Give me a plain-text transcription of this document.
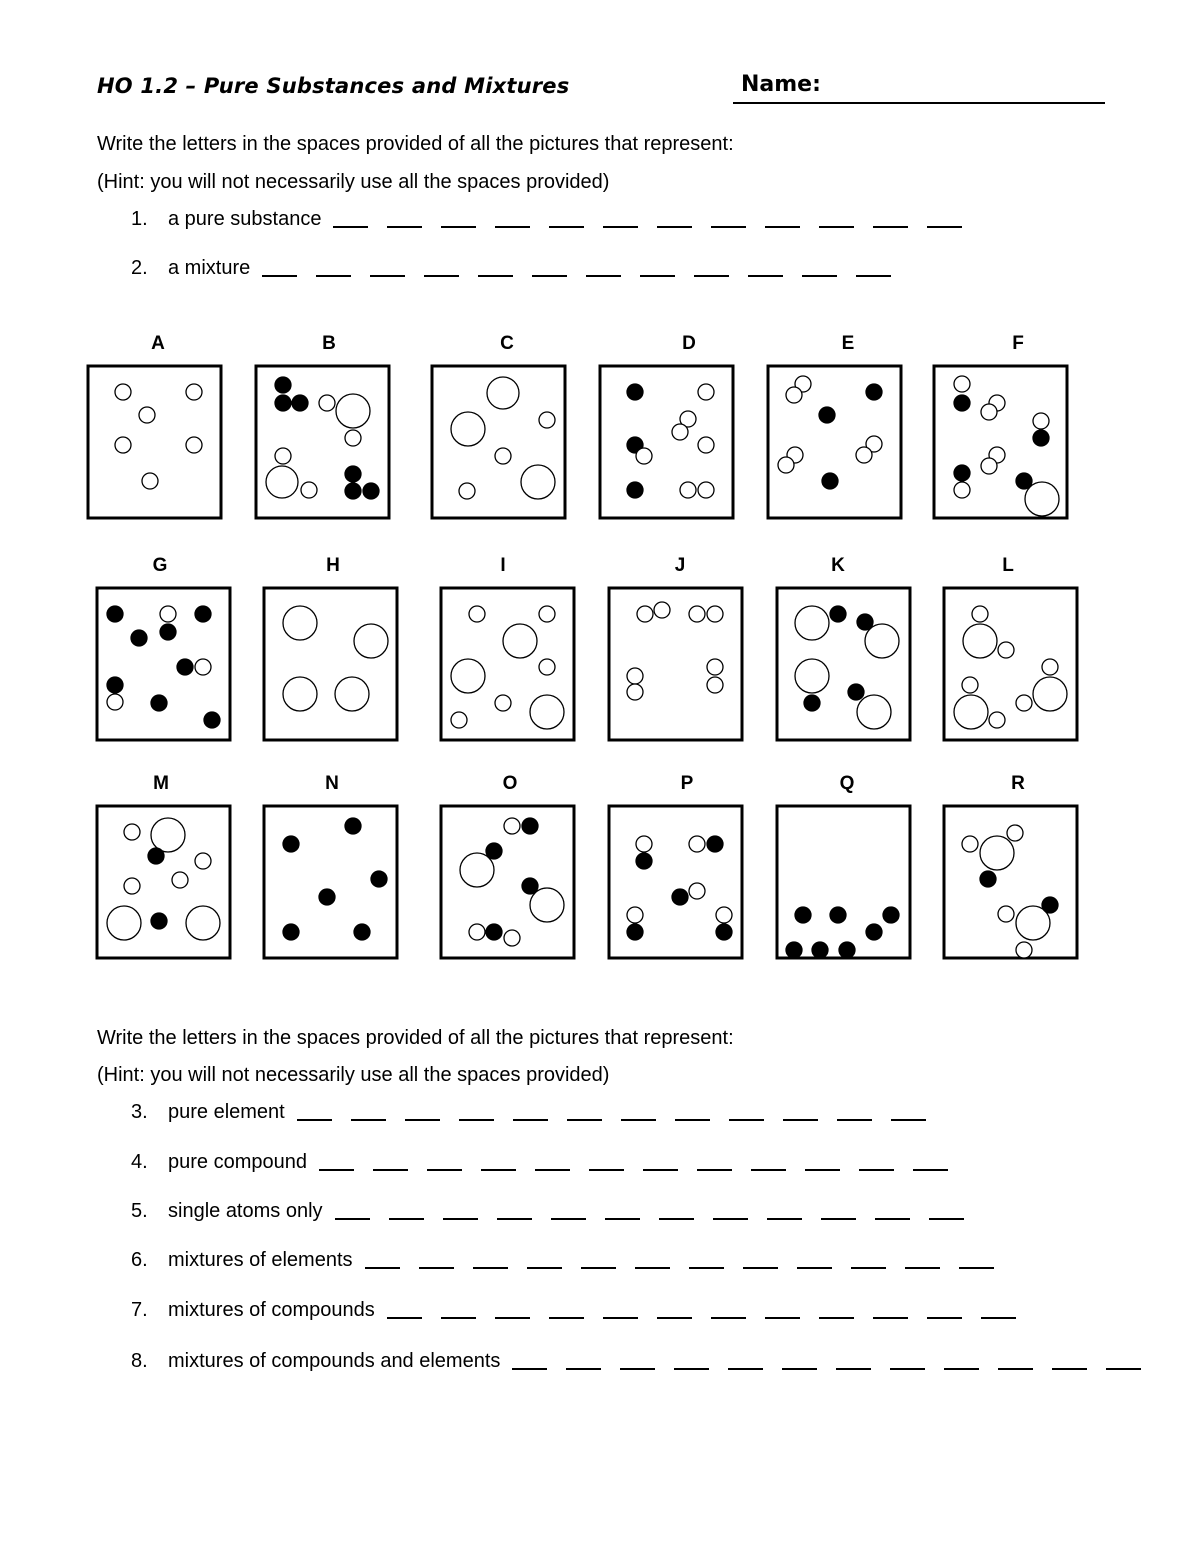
HO 1.2 – Pure Substances and Mixtures	Name:
Write the letters in the spaces provided of all the pictures that represent:
(Hint: you will not necessarily use all the spaces provided)
1. a pure substance
2. a mixture
A	B	C	D	E	F
G	H	I	J	K	L
M	N	O	P	Q	R
Write the letters in the spaces provided of all the pictures that represent:
(Hint: you will not necessarily use all the spaces provided)
3. pure element
4. pure compound
5. single atoms only
6. mixtures of elements
7. mixtures of compounds
8. mixtures of compounds and elements
